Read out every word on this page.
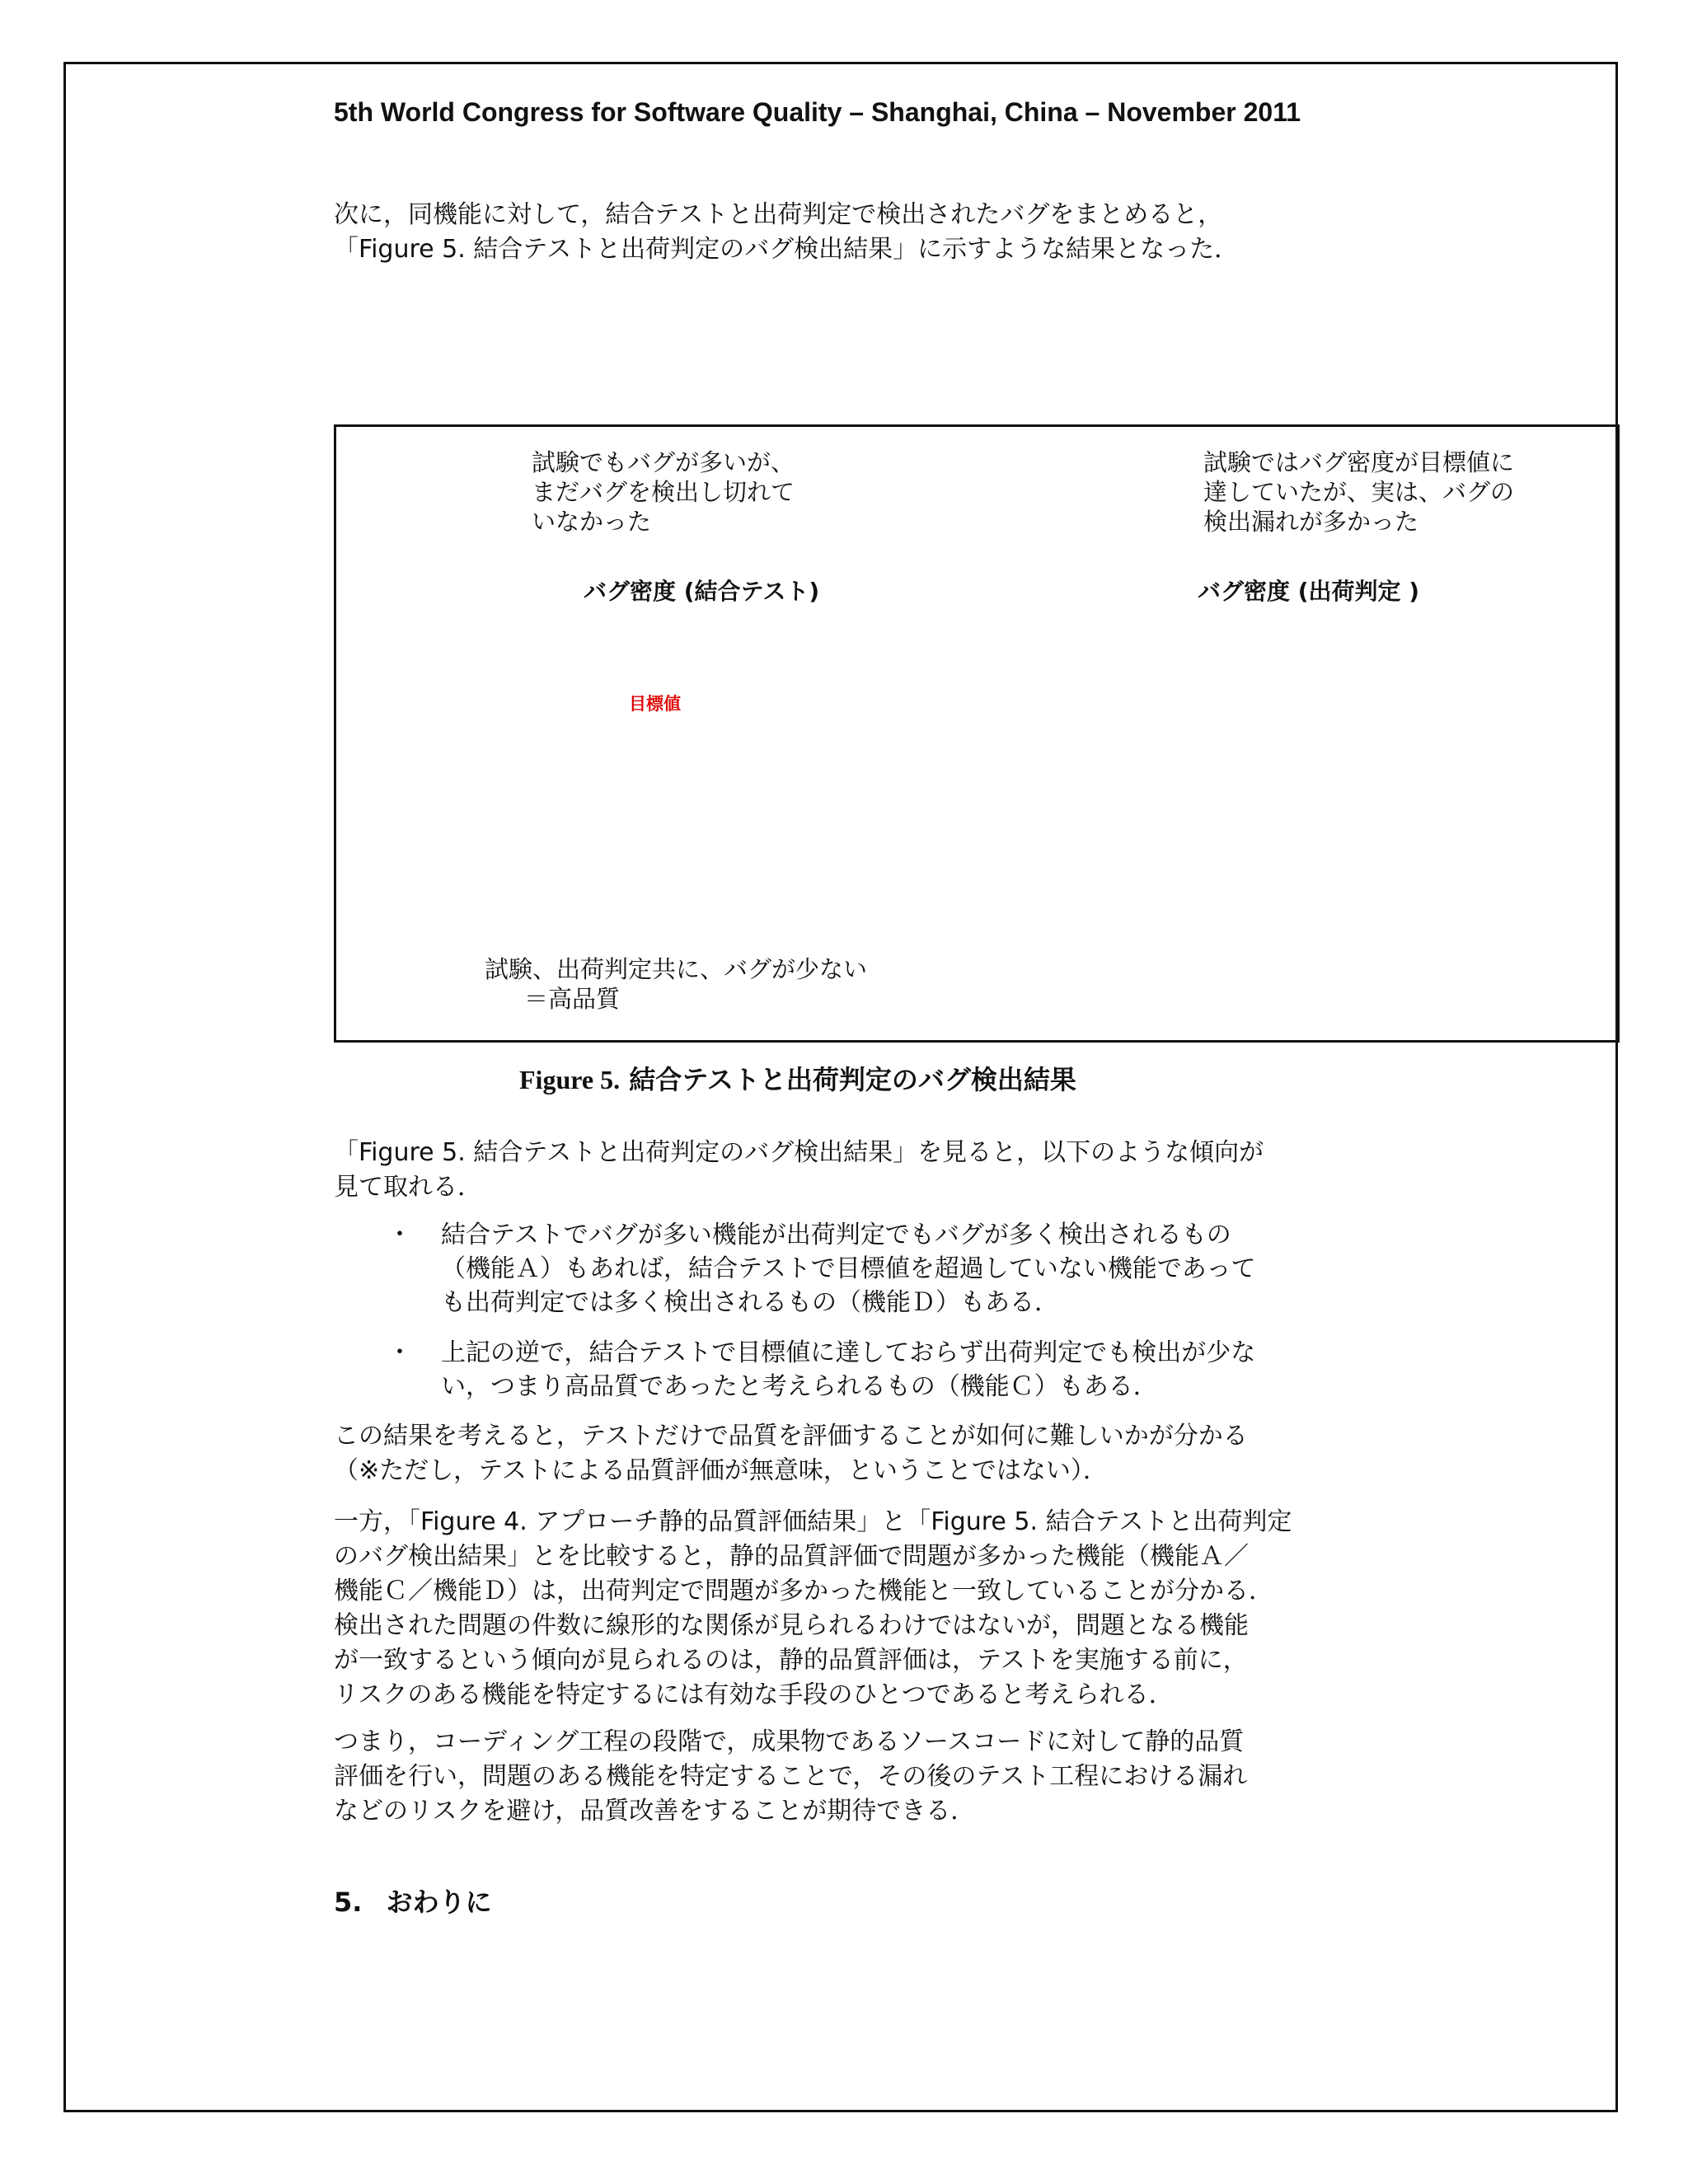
5th World Congress for Software Quality – Shanghai, China – November 2011

次に，同機能に対して，結合テストと出荷判定で検出されたバグをまとめると，
「Figure 5. 結合テストと出荷判定のバグ検出結果」に示すような結果となった．

試験でもバグが多いが、
まだバグを検出し切れて
いなかった

試験ではバグ密度が目標値に
達していたが、実は、バグの
検出漏れが多かった

バグ密度 (結合テスト)	バグ密度 (出荷判定 )
目標値

試験、出荷判定共に、バグが少ない
＝高品質

Figure 5. 結合テストと出荷判定のバグ検出結果

「Figure 5. 結合テストと出荷判定のバグ検出結果」を見ると，以下のような傾向が
見て取れる．

・ 結合テストでバグが多い機能が出荷判定でもバグが多く検出されるもの
（機能Ａ）もあれば，結合テストで目標値を超過していない機能であって
も出荷判定では多く検出されるもの（機能Ｄ）もある．
・ 上記の逆で，結合テストで目標値に達しておらず出荷判定でも検出が少な
い，つまり高品質であったと考えられるもの（機能Ｃ）もある．

この結果を考えると，テストだけで品質を評価することが如何に難しいかが分かる
（※ただし，テストによる品質評価が無意味，ということではない）．

一方，「Figure 4. アプローチ静的品質評価結果」と「Figure 5. 結合テストと出荷判定
のバグ検出結果」とを比較すると，静的品質評価で問題が多かった機能（機能Ａ／
機能Ｃ／機能Ｄ）は，出荷判定で問題が多かった機能と一致していることが分かる．
検出された問題の件数に線形的な関係が見られるわけではないが，問題となる機能
が一致するという傾向が見られるのは，静的品質評価は，テストを実施する前に，
リスクのある機能を特定するには有効な手段のひとつであると考えられる．

つまり，コーディング工程の段階で，成果物であるソースコードに対して静的品質
評価を行い，問題のある機能を特定することで，その後のテスト工程における漏れ
などのリスクを避け，品質改善をすることが期待できる．

5. おわりに
